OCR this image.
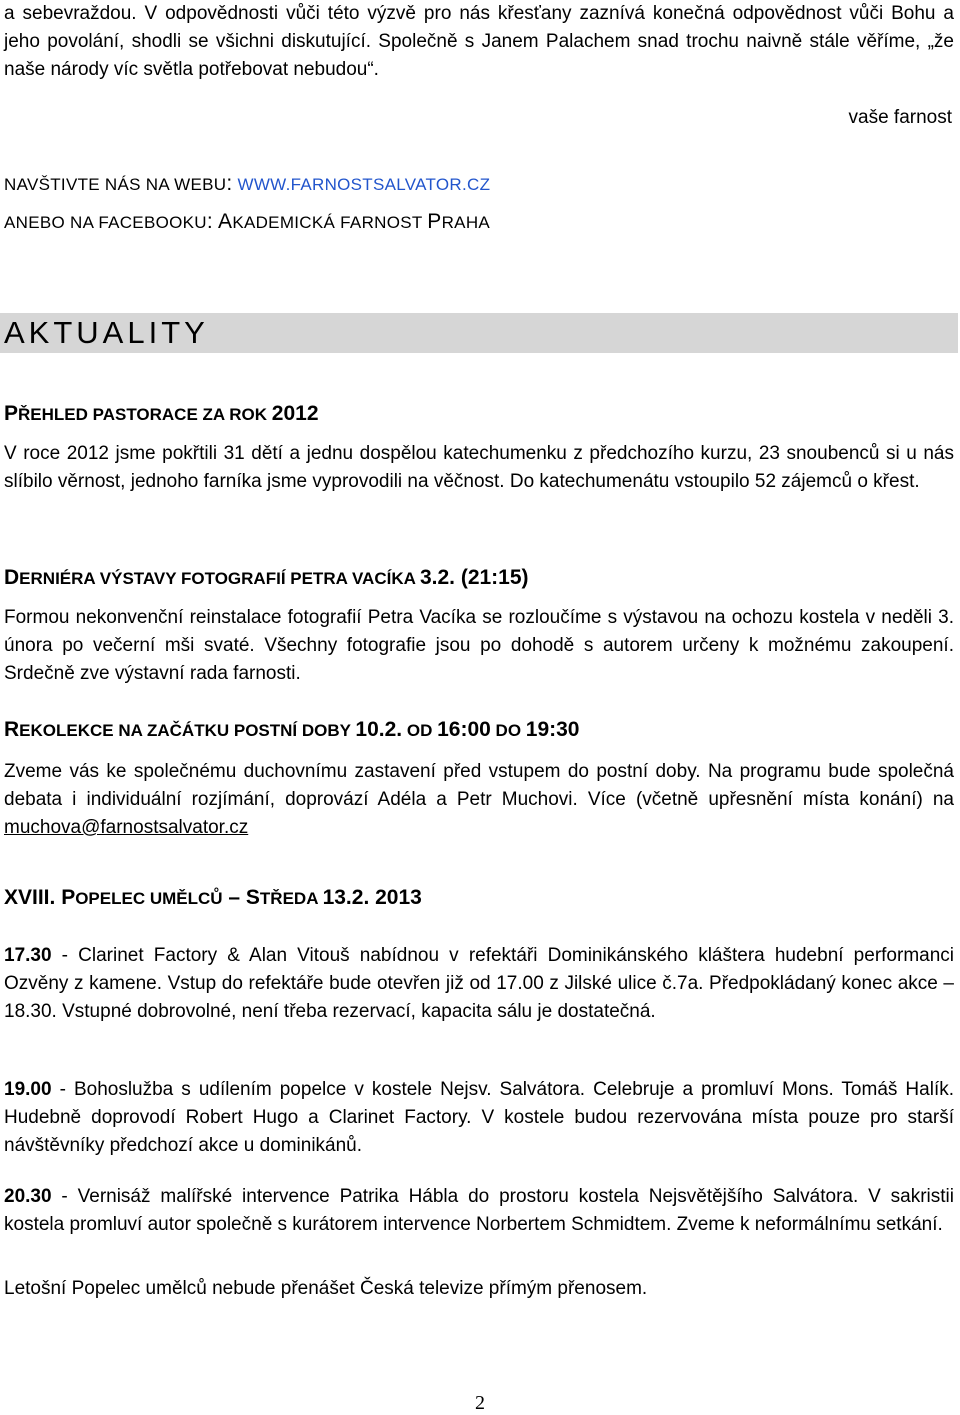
a sebevraždou. V odpovědnosti vůči této výzvě pro nás křesťany zaznívá konečná odpovědnost vůči Bohu a jeho povolání, shodli se všichni diskutující. Společně s Janem Palachem snad trochu naivně stále věříme, „že naše národy víc světla potřebovat nebudou“.

vaše farnost
NAVŠTIVTE NÁS NA WEBU: WWW.FARNOSTSALVATOR.CZ
ANEBO NA FACEBOOKU: AKADEMICKÁ FARNOST PRAHA
AKTUALITY
PŘEHLED PASTORACE ZA ROK 2012

V roce 2012 jsme pokřtili 31 dětí a jednu dospělou katechumenku z předchozího kurzu, 23 snoubenců si u nás slíbilo věrnost, jednoho farníka jsme vyprovodili na věčnost. Do katechumenátu vstoupilo 52 zájemců o křest.

DERNIÉRA VÝSTAVY FOTOGRAFIÍ PETRA VACÍKA 3.2. (21:15)

Formou nekonvenční reinstalace fotografií Petra Vacíka se rozloučíme s výstavou na ochozu kostela v neděli 3. února po večerní mši svaté. Všechny fotografie jsou po dohodě s autorem určeny k možnému zakoupení. Srdečně zve výstavní rada farnosti.

REKOLEKCE NA ZAČÁTKU POSTNÍ DOBY 10.2. OD 16:00 DO 19:30

Zveme vás ke společnému duchovnímu zastavení před vstupem do postní doby. Na programu bude společná debata i individuální rozjímání, doprovází Adéla a Petr Muchovi. Více (včetně upřesnění místa konání) na muchova@farnostsalvator.cz

XVIII. POPELEC UMĚLCŮ – STŘEDA 13.2. 2013

17.30 - Clarinet Factory & Alan Vitouš nabídnou v refektáři Dominikánského kláštera hudební performanci Ozvěny z kamene. Vstup do refektáře bude otevřen již od 17.00 z Jilské ulice č.7a. Předpokládaný konec akce – 18.30. Vstupné dobrovolné, není třeba rezervací, kapacita sálu je dostatečná.

19.00 - Bohoslužba s udílením popelce v kostele Nejsv. Salvátora. Celebruje a promluví Mons. Tomáš Halík. Hudebně doprovodí Robert Hugo a Clarinet Factory. V kostele budou rezervována místa pouze pro starší návštěvníky předchozí akce u dominikánů.

20.30 - Vernisáž malířské intervence Patrika Hábla do prostoru kostela Nejsvětějšího Salvátora. V sakristii kostela promluví autor společně s kurátorem intervence Norbertem Schmidtem. Zveme k neformálnímu setkání.

Letošní Popelec umělců nebude přenášet Česká televize přímým přenosem.

2
